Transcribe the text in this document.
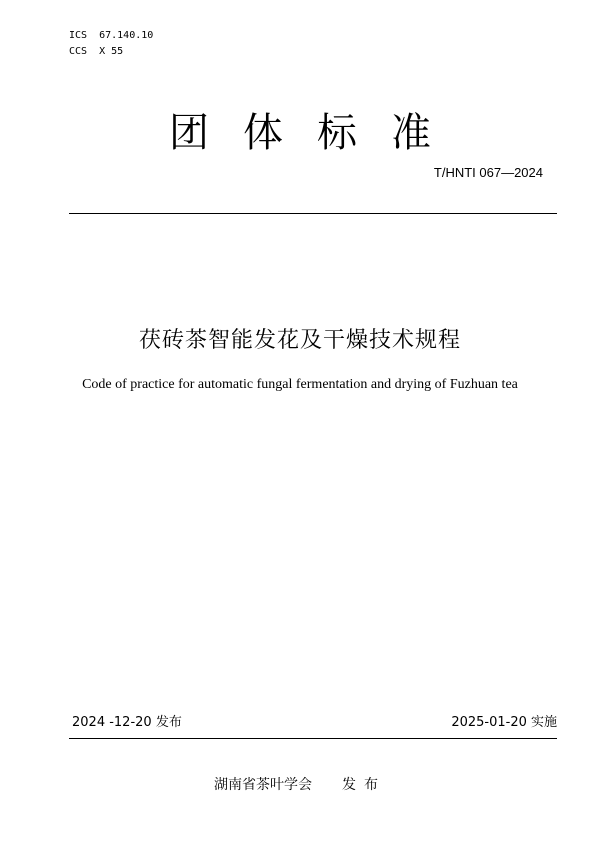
ICS  67.140.10
CCS  X 55
团体标准
T/HNTI 067—2024
茯砖茶智能发花及干燥技术规程
Code of practice for automatic fungal fermentation and drying of Fuzhuan tea
2024 -12-20 发布	2025-01-20 实施
湖南省茶叶学会 发布
